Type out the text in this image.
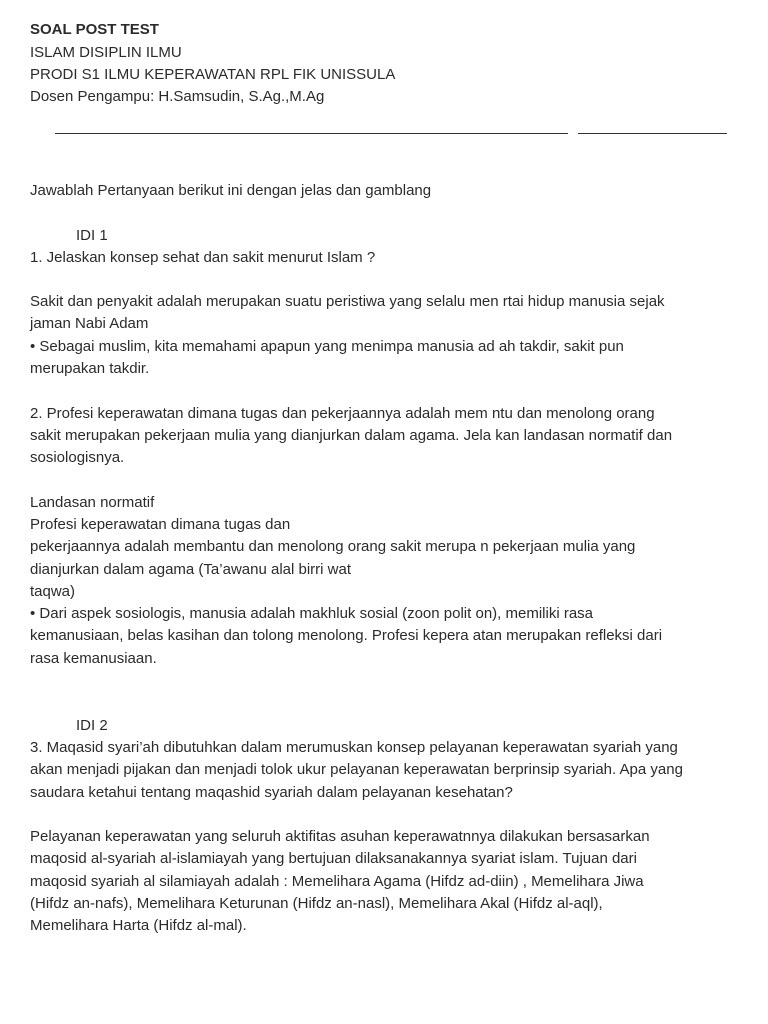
SOAL POST TEST
ISLAM DISIPLIN ILMU
PRODI S1 ILMU KEPERAWATAN RPL FIK UNISSULA
Dosen Pengampu: H.Samsudin, S.Ag.,M.Ag
Jawablah Pertanyaan berikut ini dengan jelas dan gamblang
IDI 1
1. Jelaskan konsep sehat dan sakit menurut Islam ?
Sakit dan penyakit adalah merupakan suatu peristiwa yang selalu men rtai hidup manusia sejak
jaman Nabi Adam
• Sebagai muslim, kita memahami apapun yang menimpa manusia ad ah takdir, sakit pun
merupakan takdir.
2. Profesi keperawatan dimana tugas dan pekerjaannya adalah mem ntu dan menolong orang
sakit merupakan pekerjaan mulia yang dianjurkan dalam agama. Jela kan landasan normatif dan
sosiologisnya.
Landasan normatif
Profesi keperawatan dimana tugas dan
pekerjaannya adalah membantu dan menolong orang sakit merupa n pekerjaan mulia yang
dianjurkan dalam agama (Ta’awanu alal birri wat
taqwa)
• Dari aspek sosiologis, manusia adalah makhluk sosial (zoon polit on), memiliki rasa
kemanusiaan, belas kasihan dan tolong menolong. Profesi kepera atan merupakan refleksi dari
rasa kemanusiaan.
IDI 2
3. Maqasid syari’ah dibutuhkan dalam merumuskan konsep pelayanan keperawatan syariah yang
akan menjadi pijakan dan menjadi tolok ukur pelayanan keperawatan berprinsip syariah. Apa yang
saudara ketahui tentang maqashid syariah dalam pelayanan kesehatan?
Pelayanan keperawatan yang seluruh aktifitas asuhan keperawatnnya dilakukan bersasarkan
maqosid al-syariah al-islamiayah yang bertujuan dilaksanakannya syariat islam. Tujuan dari
maqosid syariah al silamiayah adalah : Memelihara Agama (Hifdz ad-diin) , Memelihara Jiwa
(Hifdz an-nafs), Memelihara Keturunan (Hifdz an-nasl), Memelihara Akal (Hifdz al-aql),
Memelihara Harta (Hifdz al-mal).
